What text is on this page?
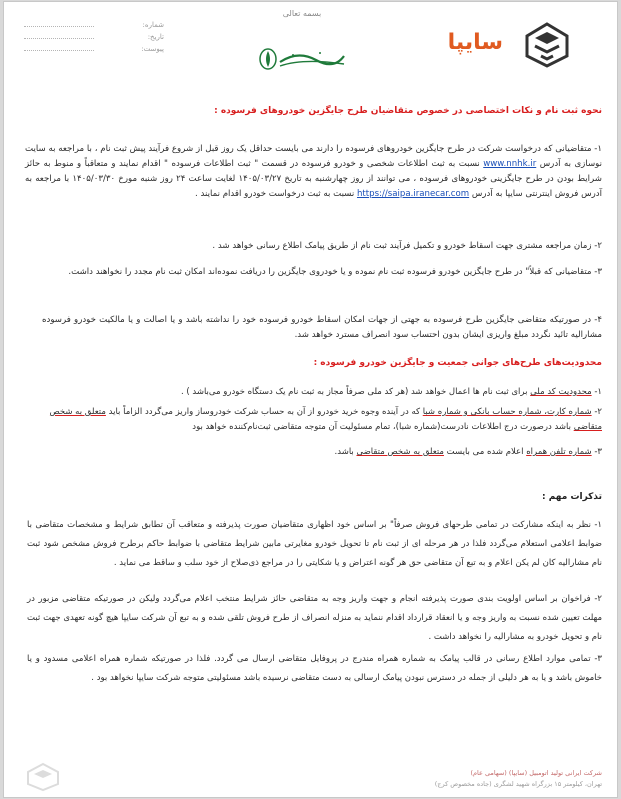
بسمه تعالی
شماره:
تاریخ:
پیوست:	سایپا
نحوه ثبت نام و نکات اختصاصی در خصوص متقاضیان طرح جایگزین خودروهای فرسوده :
۱- متقاضیانی که درخواست شرکت در طرح جایگزین خودروهای فرسوده را دارند می بایست حداقل یک روز قبل از شروع فرآیند پیش ثبت نام ، با مراجعه به سایت نوسازی به آدرس www.nnhk.ir نسبت به ثبت اطلاعات شخصی و خودرو فرسوده در قسمت " ثبت اطلاعات فرسوده " اقدام نمایند و متعاقباً و منوط به حائز شرایط بودن در طرح جایگزینی خودروهای فرسوده ، می توانند از روز چهارشنبه به تاریخ ۱۴۰۵/۰۳/۲۷ لغایت ساعت ۲۴ روز شنبه مورخ ۱۴۰۵/۰۳/۳۰ با مراجعه به آدرس فروش اینترنتی سایپا به آدرس https://saipa.iranecar.com نسبت به ثبت درخواست خودرو اقدام نمایند .
۲- زمان مراجعه مشتری جهت اسقاط خودرو و تکمیل فرآیند ثبت نام از طریق پیامک اطلاع رسانی خواهد شد .
۳- متقاضیانی که قبلاً" در طرح جایگزین خودرو فرسوده ثبت نام نموده و یا خودروی جایگزین را دریافت نموده‌اند امکان ثبت نام مجدد را نخواهند داشت.
۴- در صورتیکه متقاضی جایگزین طرح فرسوده به جهتی از جهات امکان اسقاط خودرو فرسوده خود را نداشته باشد و یا اصالت و یا مالکیت خودرو فرسوده مشارالیه تائید نگردد مبلغ واریزی ایشان بدون احتساب سود انصراف مسترد خواهد شد.
محدودیت‌های طرح‌های جوانی جمعیت و جایگزین خودرو فرسوده :
۱- محدودیت کد ملی برای ثبت نام ها اعمال خواهد شد (هر کد ملی صرفاً مجاز به ثبت نام یک دستگاه خودرو می‌باشد ) .
۲- شماره کارت، شماره حساب بانکی و شماره شبا که در آینده وجوه خرید خودرو از آن به حساب شرکت خودروساز واریز می‌گردد الزاماً باید متعلق به شخص متقاضی باشد درصورت درج اطلاعات نادرست(شماره شبا)، تمام مسئولیت آن متوجه متقاضی ثبت‌نام‌کننده خواهد بود
۳- شماره تلفن همراه اعلام شده می بایست متعلق به شخص متقاضی باشد.
تذکرات مهم :
۱- نظر به اینکه مشارکت در تمامی طرحهای فروش صرفاً" بر اساس خود اظهاری متقاضیان صورت پذیرفته و متعاقب آن تطابق شرایط و مشخصات متقاضی با ضوابط اعلامی استعلام می‌گردد فلذا در هر مرحله ای از ثبت نام تا تحویل خودرو مغایرتی مابین شرایط متقاضی با ضوابط حاکم برطرح فروش مشخص شود ثبت نام مشارالیه کان لم یکن اعلام و به تبع آن متقاضی حق هر گونه اعتراض و یا شکایتی را در مراجع ذی‌صلاح از خود سلب و ساقط می نماید .
۲- فراخوان بر اساس اولویت بندی صورت پذیرفته انجام و جهت واریز وجه به متقاضی حائز شرایط منتخب اعلام می‌گردد ولیکن در صورتیکه متقاضی مزبور در مهلت تعیین شده نسبت به واریز وجه و یا انعقاد قرارداد اقدام ننماید به منزله انصراف از طرح فروش تلقی شده و به تبع آن شرکت سایپا هیچ گونه تعهدی جهت ثبت نام و تحویل خودرو به مشارالیه را نخواهد داشت .
۳- تمامی موارد اطلاع رسانی در قالب پیامک به شماره همراه مندرج در پروفایل متقاضی ارسال می گردد. فلذا در صورتیکه شماره همراه اعلامی مسدود و یا خاموش باشد و یا به هر دلیلی از جمله در دسترس نبودن پیامک ارسالی به دست متقاضی نرسیده باشد مسئولیتی متوجه شرکت سایپا نخواهد بود .
شرکت ایرانی تولید اتومبیل (سایپا) (سهامی عام)
تهران، کیلومتر ۱۵ بزرگراه شهید لشگری (جاده مخصوص کرج)
